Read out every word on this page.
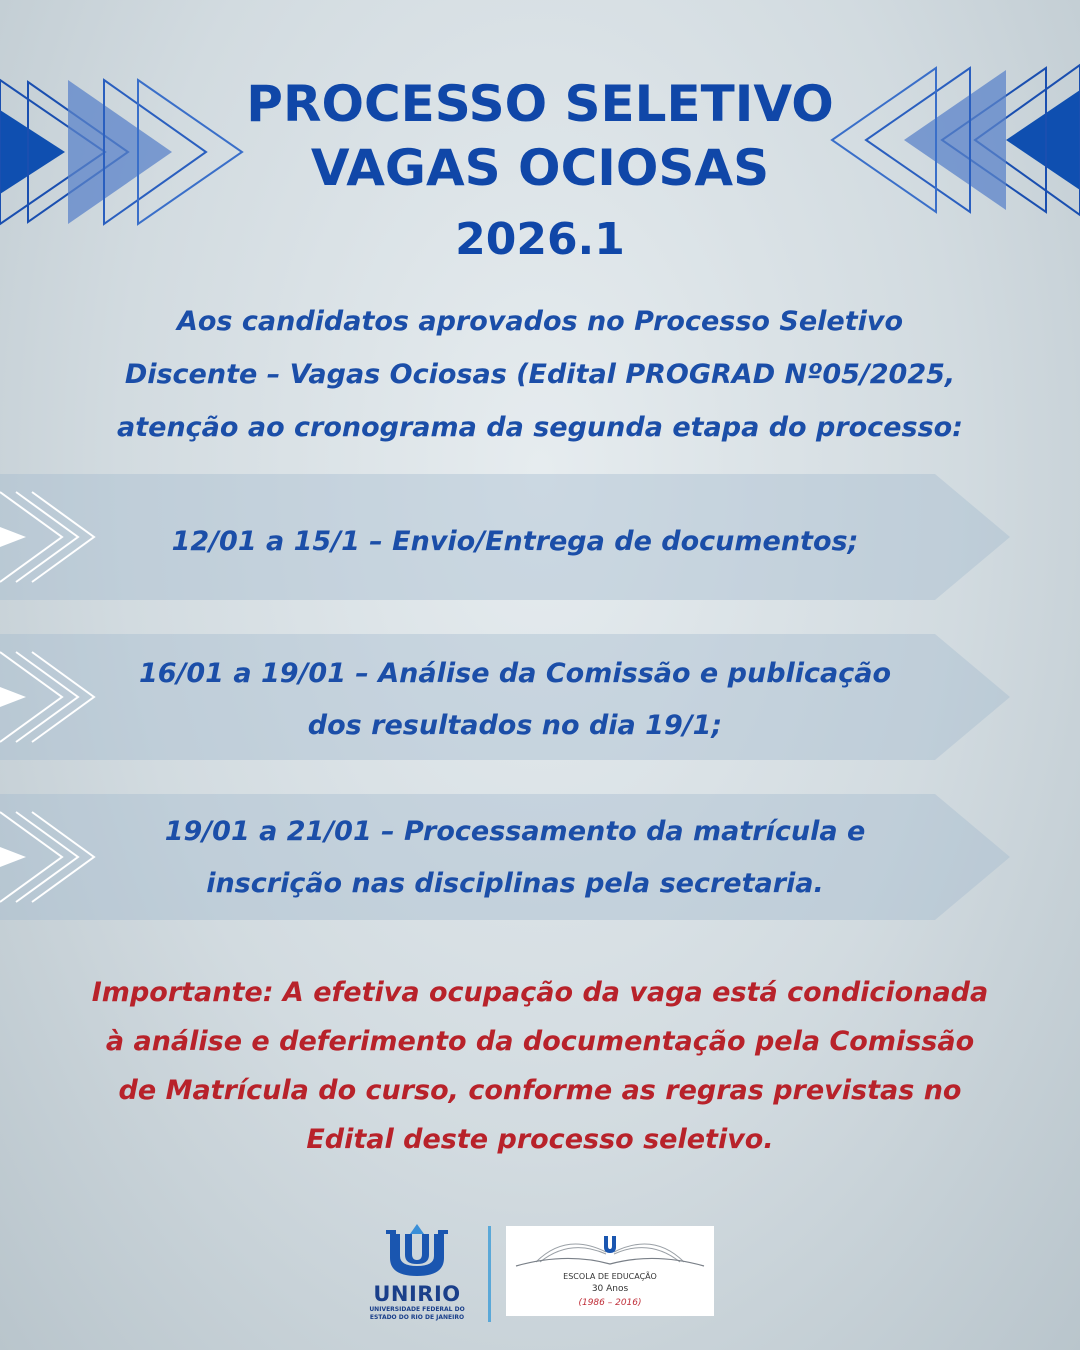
PROCESSO SELETIVO
VAGAS OCIOSAS
2026.1
Aos candidatos aprovados no Processo Seletivo
Discente – Vagas Ociosas (Edital PROGRAD Nº05/2025,
atenção ao cronograma da segunda etapa do processo:
12/01 a 15/1 – Envio/Entrega de documentos;
16/01 a 19/01 – Análise da Comissão e publicação
dos resultados no dia 19/1;
19/01 a 21/01 – Processamento da matrícula e
inscrição nas disciplinas pela secretaria.
Importante: A efetiva ocupação da vaga está condicionada
à análise e deferimento da documentação pela Comissão
de Matrícula do curso, conforme as regras previstas no
Edital deste processo seletivo.
UNIRIO
UNIVERSIDADE FEDERAL DO
ESTADO DO RIO DE JANEIRO
ESCOLA DE EDUCAÇÃO
30 Anos
(1986 – 2016)
